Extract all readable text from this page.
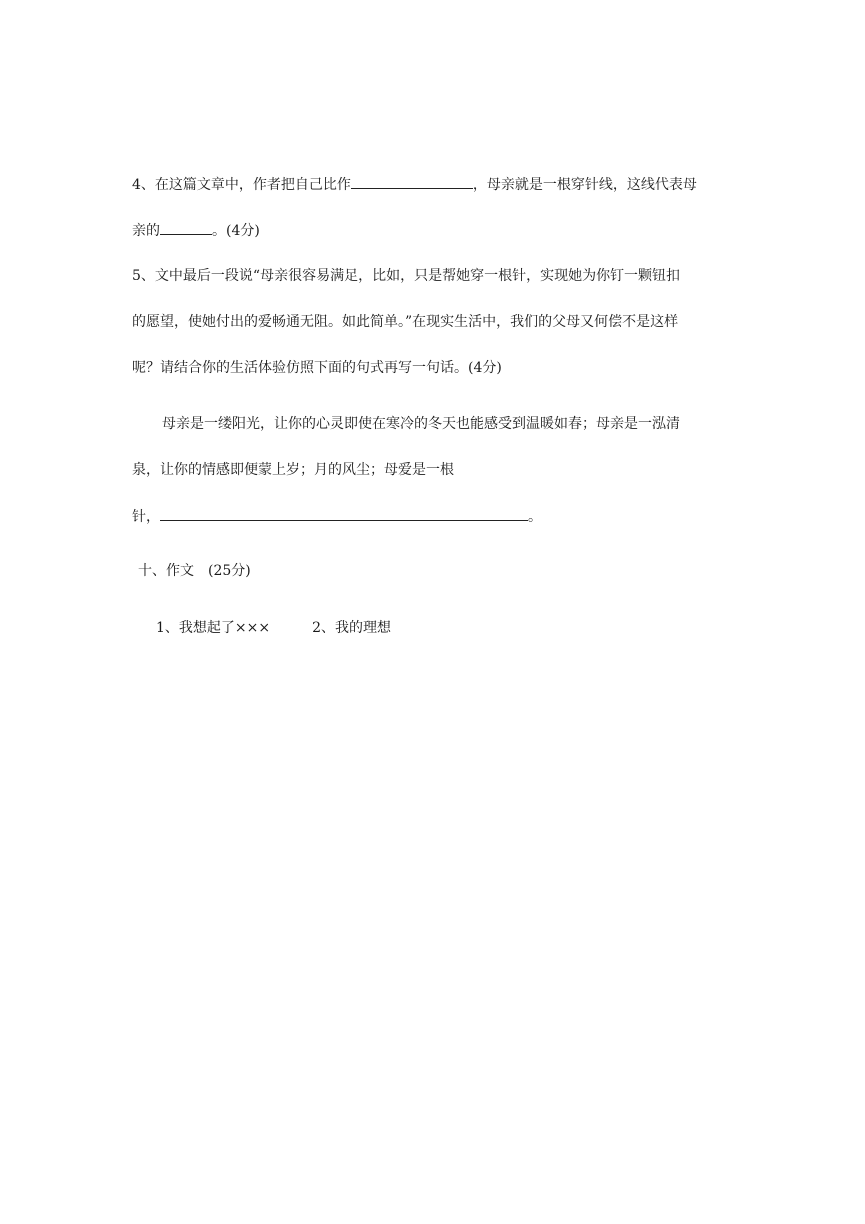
4、在这篇文章中，作者把自己比作	，母亲就是一根穿针线，这线代表母
亲的	。(4分)
5、文中最后一段说“母亲很容易满足，比如，只是帮她穿一根针，实现她为你钉一颗钮扣
的愿望，使她付出的爱畅通无阻。如此简单。”在现实生活中，我们的父母又何偿不是这样
呢？请结合你的生活体验仿照下面的句式再写一句话。(4分)
母亲是一缕阳光，让你的心灵即使在寒冷的冬天也能感受到温暖如春；母亲是一泓清
泉，让你的情感即便蒙上岁；月的风尘；母爱是一根
针，	。
十、作文　(25分)
1、我想起了×××	2、我的理想
